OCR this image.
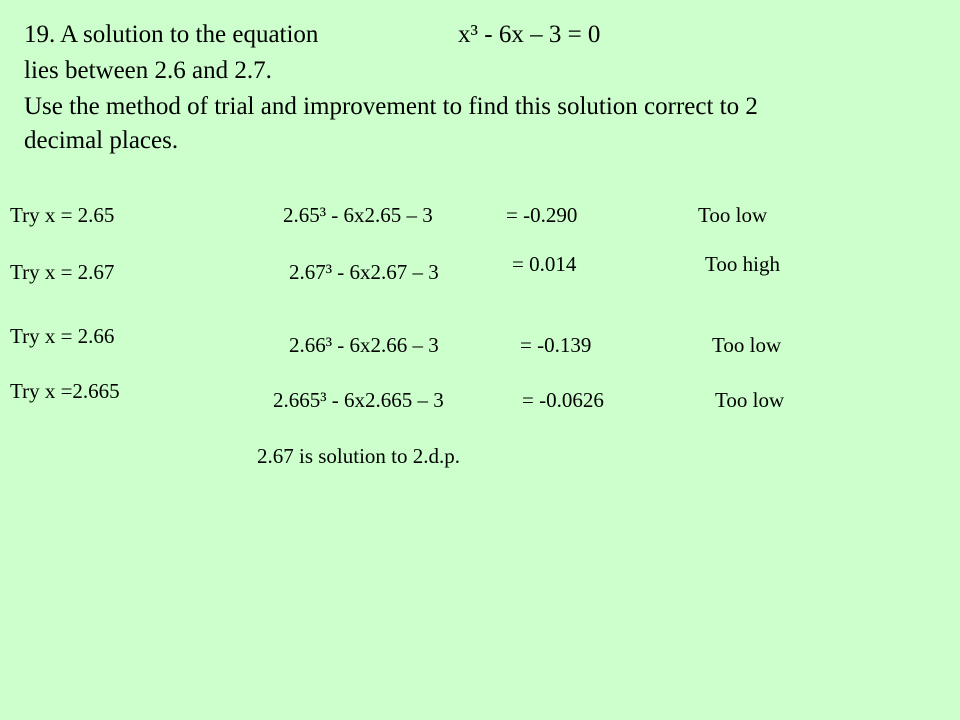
19. A solution to the equation	x³ - 6x – 3 = 0
lies between 2.6 and 2.7.
Use the method of trial and improvement to find this solution correct to 2
decimal places.
Try x = 2.65	2.65³ - 6x2.65 – 3	= -0.290	Too low
Try x = 2.67	2.67³ - 6x2.67 – 3	= 0.014	Too high
Try x = 2.66	2.66³ - 6x2.66 – 3	= -0.139	Too low
Try x =2.665	2.665³ - 6x2.665 – 3	= -0.0626	Too low
2.67 is solution to 2.d.p.
